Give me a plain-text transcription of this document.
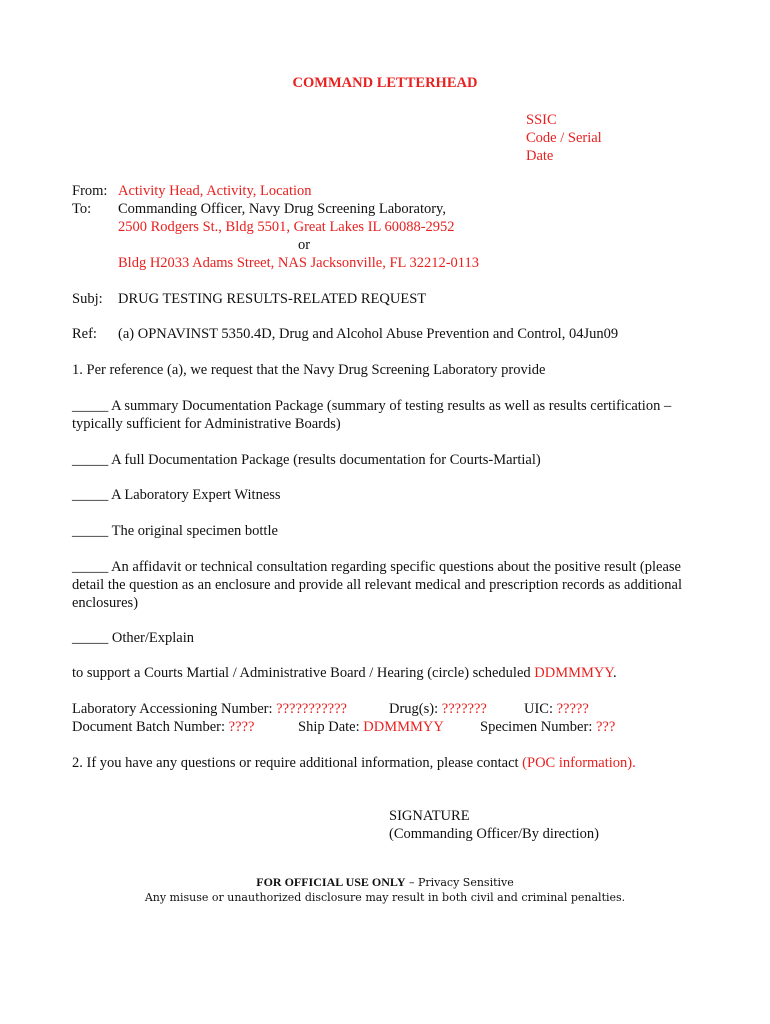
COMMAND LETTERHEAD
SSIC
Code / Serial
Date
From: Activity Head, Activity, Location
To: Commanding Officer, Navy Drug Screening Laboratory,
2500 Rodgers St., Bldg 5501, Great Lakes IL 60088-2952
or
Bldg H2033 Adams Street, NAS Jacksonville, FL 32212-0113
Subj: DRUG TESTING RESULTS-RELATED REQUEST
Ref: (a) OPNAVINST 5350.4D, Drug and Alcohol Abuse Prevention and Control, 04Jun09
1. Per reference (a), we request that the Navy Drug Screening Laboratory provide
_____ A summary Documentation Package (summary of testing results as well as results certification – typically sufficient for Administrative Boards)
_____ A full Documentation Package (results documentation for Courts-Martial)
_____ A Laboratory Expert Witness
_____ The original specimen bottle
_____ An affidavit or technical consultation regarding specific questions about the positive result (please detail the question as an enclosure and provide all relevant medical and prescription records as additional enclosures)
_____ Other/Explain
to support a Courts Martial / Administrative Board / Hearing (circle) scheduled DDMMMYY.
Laboratory Accessioning Number: ???????????	Drug(s): ???????	UIC: ?????
Document Batch Number: ????	Ship Date: DDMMMYY Specimen Number: ???
2. If you have any questions or require additional information, please contact (POC information).
SIGNATURE
(Commanding Officer/By direction)
FOR OFFICIAL USE ONLY – Privacy Sensitive
Any misuse or unauthorized disclosure may result in both civil and criminal penalties.
